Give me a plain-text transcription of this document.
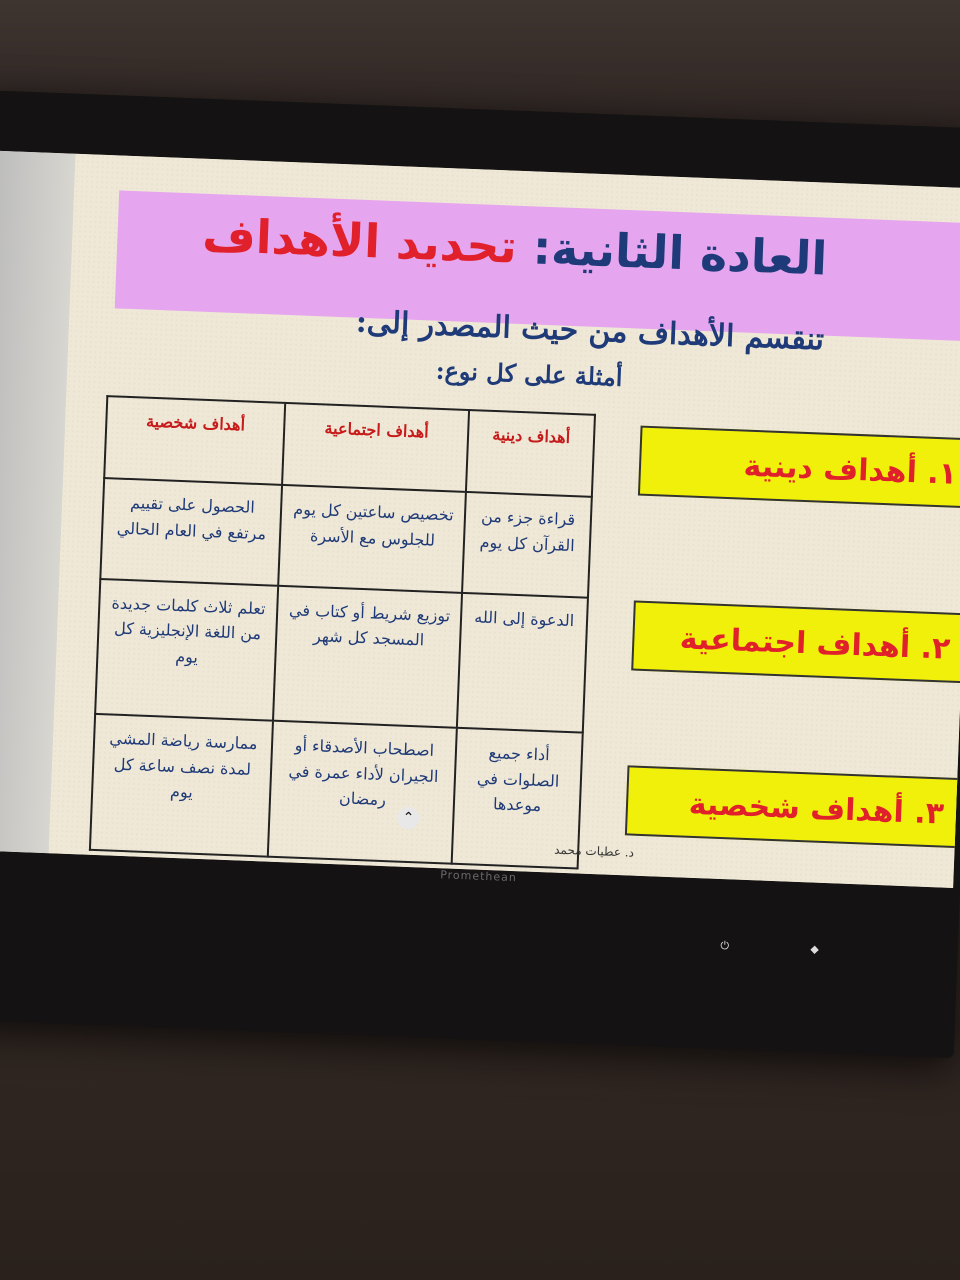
العادة الثانية: تحديد الأهداف
تنقسم الأهداف من حيث المصدر إلى:
أمثلة على كل نوع:
أهداف دينية	أهداف اجتماعية	أهداف شخصية
قراءة جزء من القرآن كل يوم	تخصيص ساعتين كل يوم للجلوس مع الأسرة	الحصول على تقييم مرتفع في العام الحالي
الدعوة إلى الله	توزيع شريط أو كتاب في المسجد كل شهر	تعلم ثلاث كلمات جديدة من اللغة الإنجليزية كل يوم
أداء جميع الصلوات في موعدها	اصطحاب الأصدقاء أو الجيران لأداء عمرة في رمضان	ممارسة رياضة المشي لمدة نصف ساعة كل يوم
١. أهداف دينية
٢. أهداف اجتماعية
٣. أهداف شخصية
د. عطيات محمد
⌃
Promethean
⏻	◆
